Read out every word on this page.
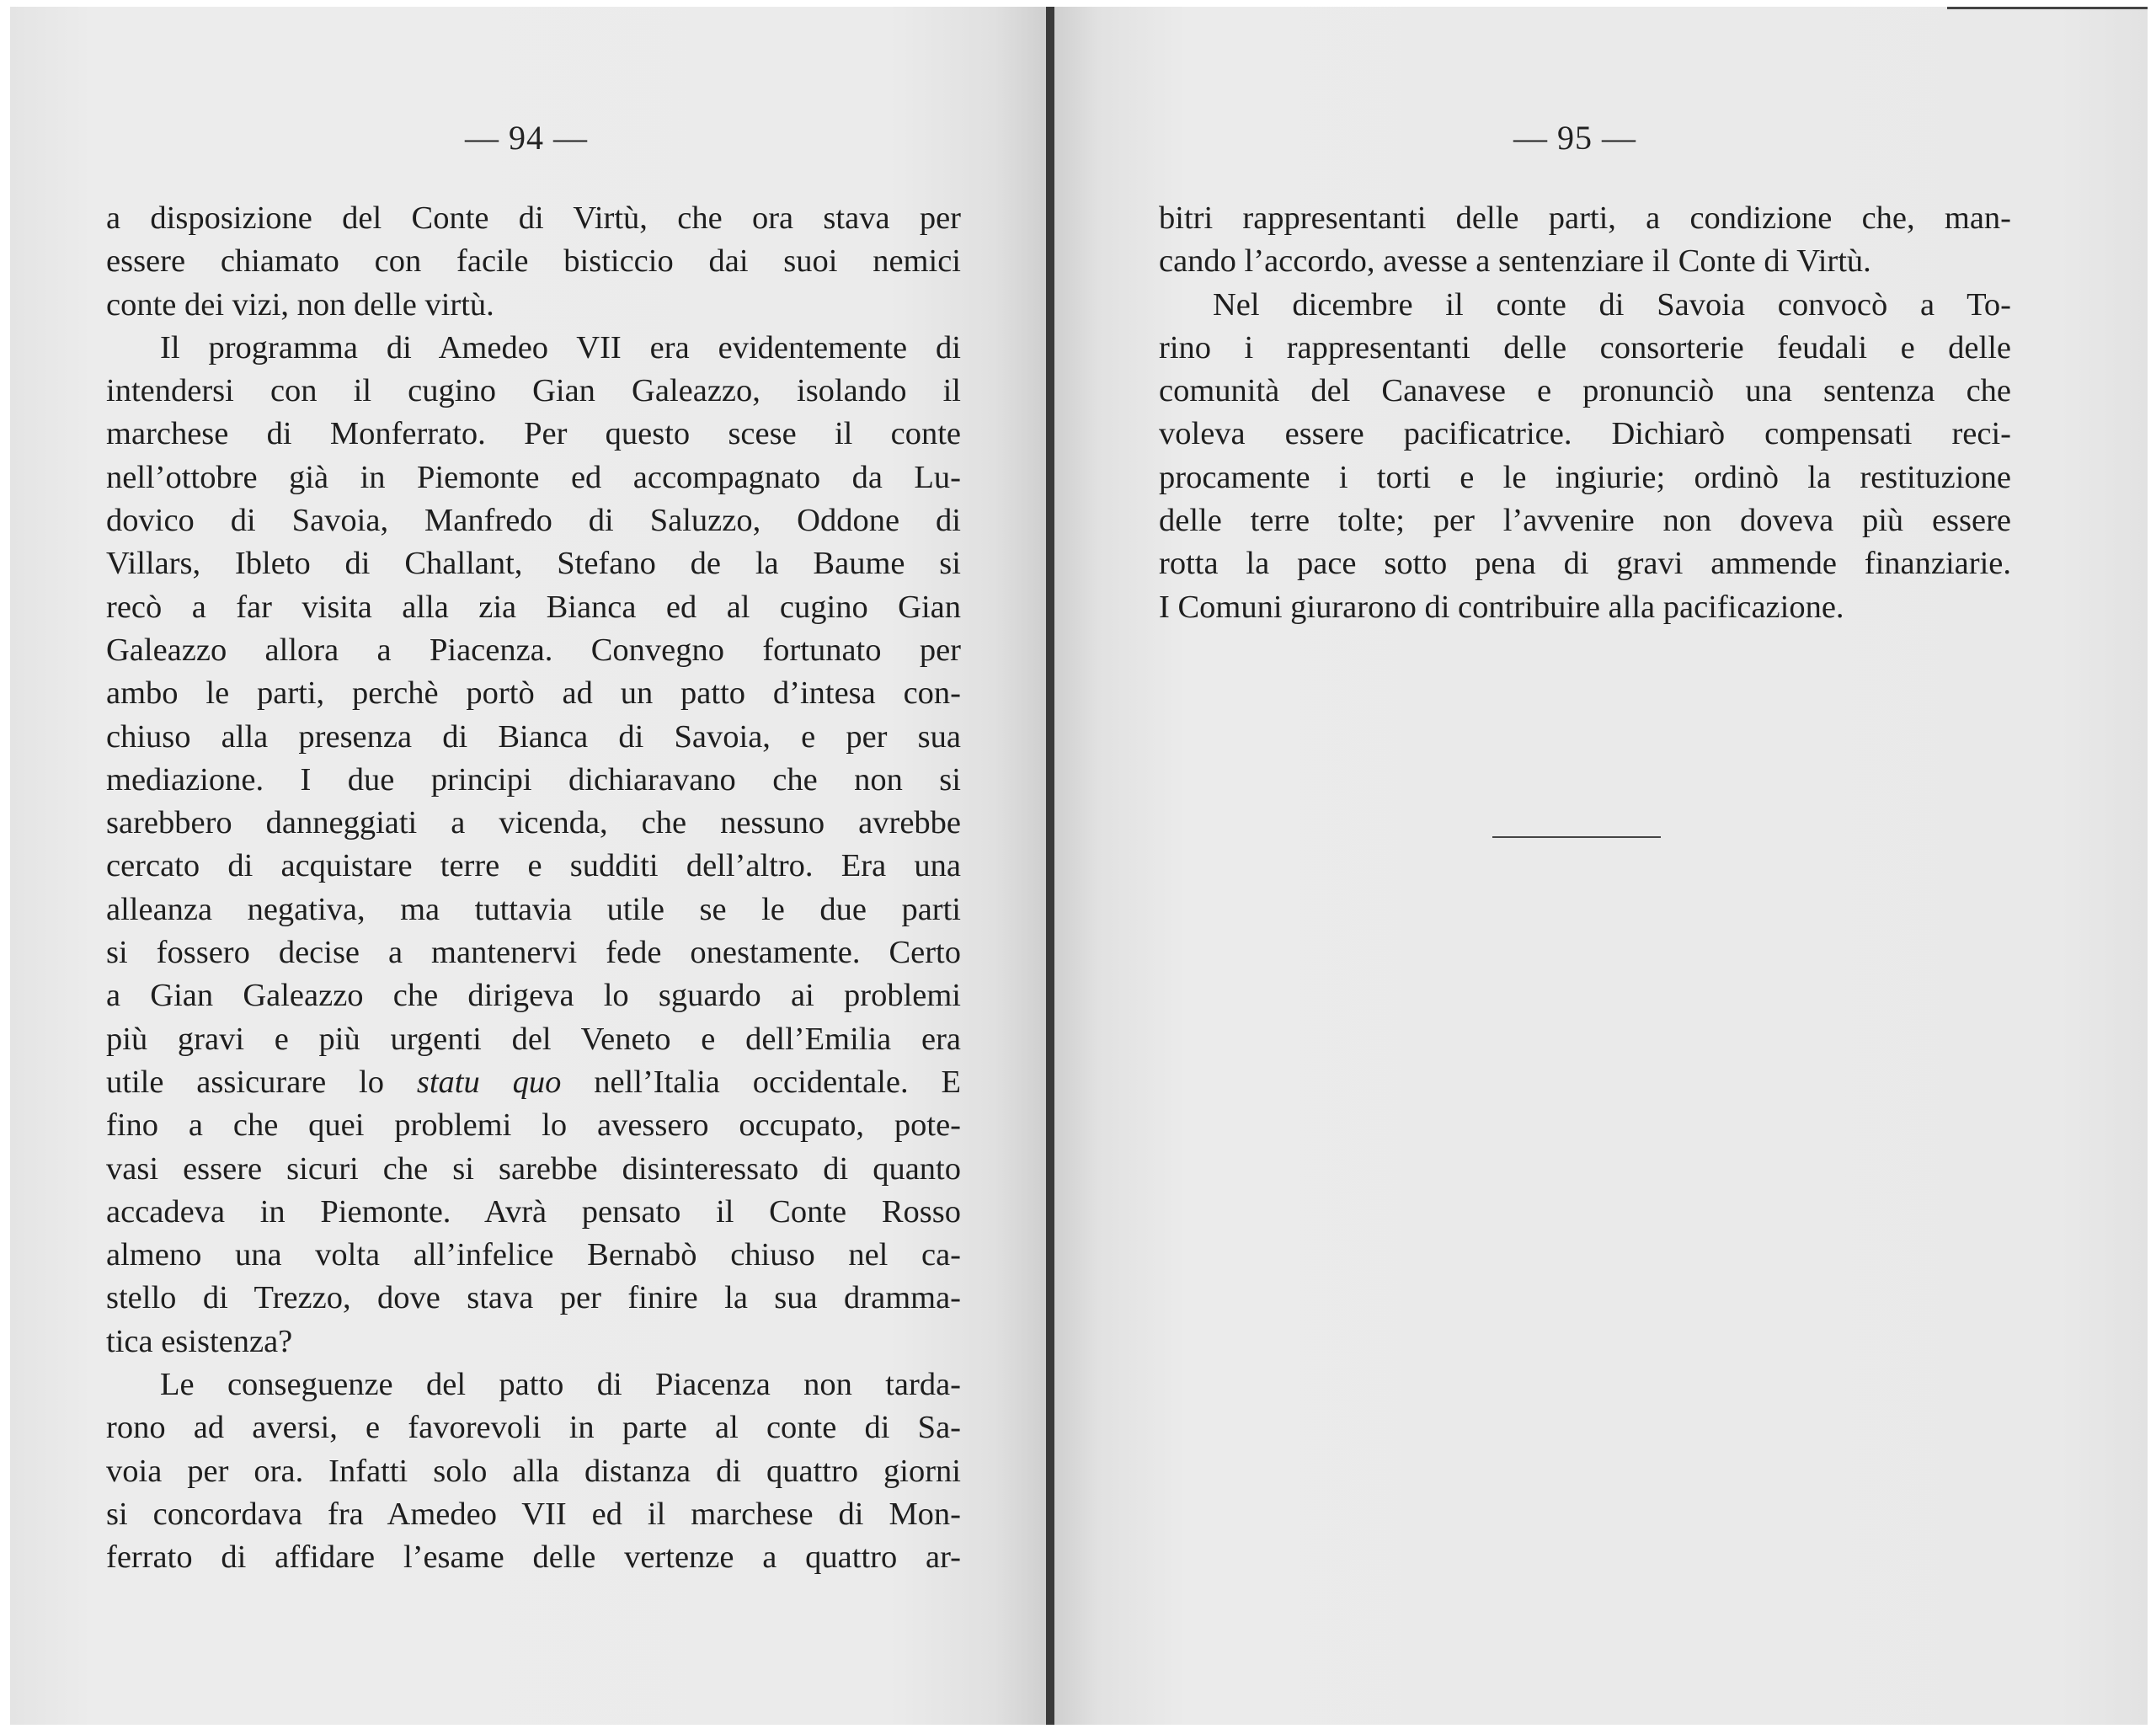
— 94 —
a disposizione del Conte di Virtù, che ora stava per
essere chiamato con facile bisticcio dai suoi nemici
conte dei vizi, non delle virtù.
Il programma di Amedeo VII era evidentemente di
intendersi con il cugino Gian Galeazzo, isolando il
marchese di Monferrato. Per questo scese il conte
nell’ottobre già in Piemonte ed accompagnato da Lu-
dovico di Savoia, Manfredo di Saluzzo, Oddone di
Villars, Ibleto di Challant, Stefano de la Baume si
recò a far visita alla zia Bianca ed al cugino Gian
Galeazzo allora a Piacenza. Convegno fortunato per
ambo le parti, perchè portò ad un patto d’intesa con-
chiuso alla presenza di Bianca di Savoia, e per sua
mediazione. I due principi dichiaravano che non si
sarebbero danneggiati a vicenda, che nessuno avrebbe
cercato di acquistare terre e sudditi dell’altro. Era una
alleanza negativa, ma tuttavia utile se le due parti
si fossero decise a mantenervi fede onestamente. Certo
a Gian Galeazzo che dirigeva lo sguardo ai problemi
più gravi e più urgenti del Veneto e dell’Emilia era
utile assicurare lo statu quo nell’Italia occidentale. E
fino a che quei problemi lo avessero occupato, pote-
vasi essere sicuri che si sarebbe disinteressato di quanto
accadeva in Piemonte. Avrà pensato il Conte Rosso
almeno una volta all’infelice Bernabò chiuso nel ca-
stello di Trezzo, dove stava per finire la sua dramma-
tica esistenza?
Le conseguenze del patto di Piacenza non tarda-
rono ad aversi, e favorevoli in parte al conte di Sa-
voia per ora. Infatti solo alla distanza di quattro giorni
si concordava fra Amedeo VII ed il marchese di Mon-
ferrato di affidare l’esame delle vertenze a quattro ar-
— 95 —
bitri rappresentanti delle parti, a condizione che, man-
cando l’accordo, avesse a sentenziare il Conte di Virtù.
Nel dicembre il conte di Savoia convocò a To-
rino i rappresentanti delle consorterie feudali e delle
comunità del Canavese e pronunciò una sentenza che
voleva essere pacificatrice. Dichiarò compensati reci-
procamente i torti e le ingiurie; ordinò la restituzione
delle terre tolte; per l’avvenire non doveva più essere
rotta la pace sotto pena di gravi ammende finanziarie.
I Comuni giurarono di contribuire alla pacificazione.
